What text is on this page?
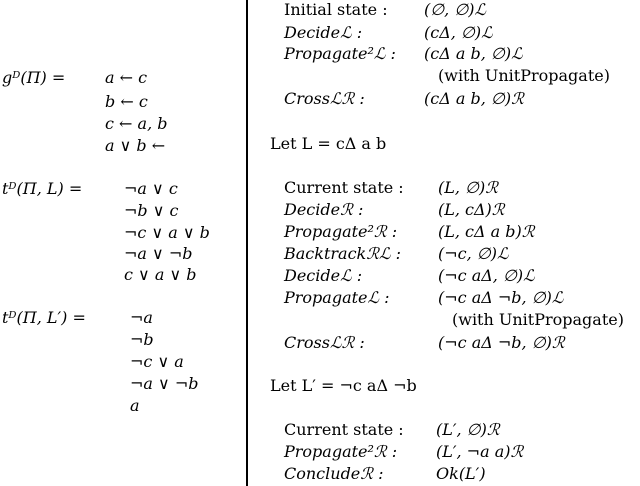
gᴰ(Π) = a ← c
b ← c
c ← a, b
a ∨ b ←
tᴰ(Π, L) =	¬a ∨ c
¬b ∨ c
¬c ∨ a ∨ b
¬a ∨ ¬b
c ∨ a ∨ b
tᴰ(Π, L′) =	¬a
¬b
¬c ∨ a
¬a ∨ ¬b
a
Initial state : (∅, ∅)ℒ
Decideℒ :	(cΔ, ∅)ℒ
Propagate²ℒ : (cΔ a b, ∅)ℒ
(with UnitPropagate)
Crossℒℛ :	(cΔ a b, ∅)ℛ
Let L = cΔ a b
Current state : (L, ∅)ℛ
Decideℛ :	(L, cΔ)ℛ
Propagate²ℛ :	(L, cΔ a b)ℛ
Backtrackℛℒ : (¬c, ∅)ℒ
Decideℒ :	(¬c aΔ, ∅)ℒ
Propagateℒ :	(¬c aΔ ¬b, ∅)ℒ
(with UnitPropagate)
Crossℒℛ :	(¬c aΔ ¬b, ∅)ℛ
Let L′ = ¬c aΔ ¬b
Current state : (L′, ∅)ℛ
Propagate²ℛ : (L′, ¬a a)ℛ
Concludeℛ :	Ok(L′)
